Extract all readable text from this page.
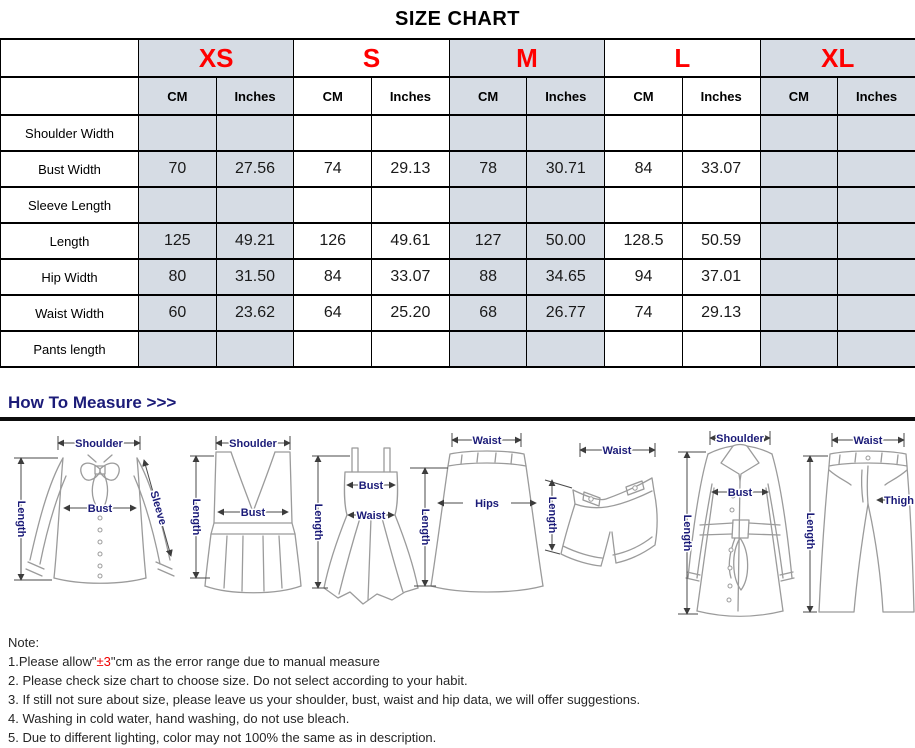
SIZE CHART
	XS		S		M		L		XL	
	CM	Inches	CM	Inches	CM	Inches	CM	Inches	CM	Inches
Shoulder Width										
Bust Width	70	27.56	74	29.13	78	30.71	84	33.07		
Sleeve Length										
Length	125	49.21	126	49.61	127	50.00	128.5	50.59		
Hip Width	80	31.50	84	33.07	88	34.65	94	37.01		
Waist Width	60	23.62	64	25.20	68	26.77	74	29.13		
Pants length										
How To Measure >>>
Shoulder
Bust
Length	Sleeve
Shoulder
Bust
Length
Bust
Waist
Length
Waist
Hips
Length
Waist
Length
Shoulder
Bust
Length
Waist
Thigh
Length
Note:
1.Please allow"±3"cm as the error range due to manual measure
2. Please check size chart to choose size. Do not select according to your habit.
3. If still not sure about size, please leave us your shoulder, bust, waist and hip data, we will offer suggestions.
4. Washing in cold water, hand washing, do not use bleach.
5. Due to different lighting, color may not 100% the same as in description.
